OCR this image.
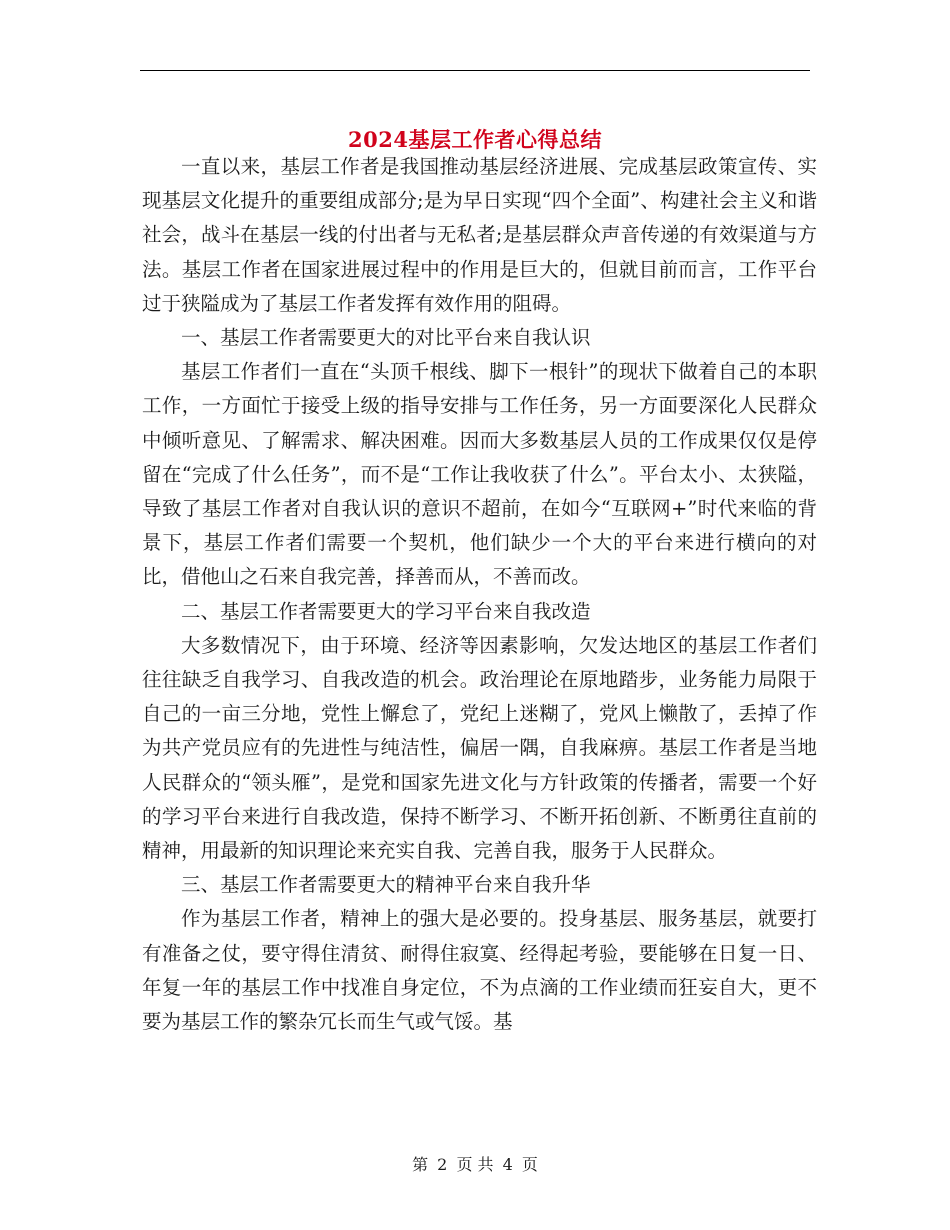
2024基层工作者心得总结

一直以来，基层工作者是我国推动基层经济进展、完成基层政策宣传、实现基层文化提升的重要组成部分;是为早日实现“四个全面”、构建社会主义和谐社会，战斗在基层一线的付出者与无私者;是基层群众声音传递的有效渠道与方法。基层工作者在国家进展过程中的作用是巨大的，但就目前而言，工作平台过于狭隘成为了基层工作者发挥有效作用的阻碍。

一、基层工作者需要更大的对比平台来自我认识

基层工作者们一直在“头顶千根线、脚下一根针”的现状下做着自己的本职工作，一方面忙于接受上级的指导安排与工作任务，另一方面要深化人民群众中倾听意见、了解需求、解决困难。因而大多数基层人员的工作成果仅仅是停留在“完成了什么任务”，而不是“工作让我收获了什么”。平台太小、太狭隘，导致了基层工作者对自我认识的意识不超前，在如今“互联网+”时代来临的背景下，基层工作者们需要一个契机，他们缺少一个大的平台来进行横向的对比，借他山之石来自我完善，择善而从，不善而改。

二、基层工作者需要更大的学习平台来自我改造

大多数情况下，由于环境、经济等因素影响，欠发达地区的基层工作者们往往缺乏自我学习、自我改造的机会。政治理论在原地踏步，业务能力局限于自己的一亩三分地，党性上懈怠了，党纪上迷糊了，党风上懒散了，丢掉了作为共产党员应有的先进性与纯洁性，偏居一隅，自我麻痹。基层工作者是当地人民群众的“领头雁”，是党和国家先进文化与方针政策的传播者，需要一个好的学习平台来进行自我改造，保持不断学习、不断开拓创新、不断勇往直前的精神，用最新的知识理论来充实自我、完善自我，服务于人民群众。

三、基层工作者需要更大的精神平台来自我升华

作为基层工作者，精神上的强大是必要的。投身基层、服务基层，就要打有准备之仗，要守得住清贫、耐得住寂寞、经得起考验，要能够在日复一日、年复一年的基层工作中找准自身定位，不为点滴的工作业绩而狂妄自大，更不要为基层工作的繁杂冗长而生气或气馁。基

第 2 页 共 4 页
